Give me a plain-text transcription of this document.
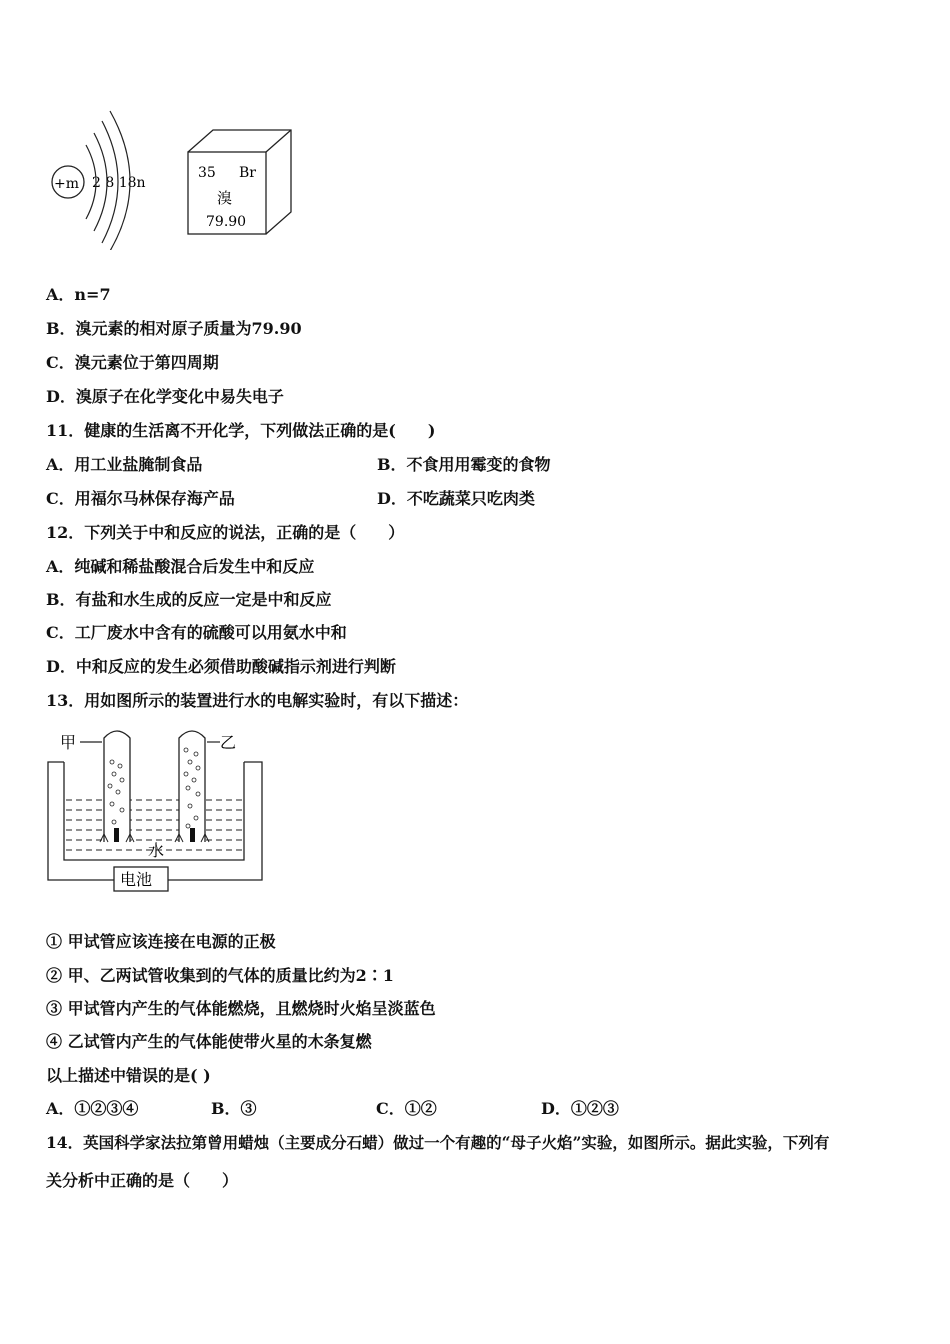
+m 2 8 18n
35 Br
溴
79.90
A．n=7
B．溴元素的相对原子质量为79.90
C．溴元素位于第四周期
D．溴原子在化学变化中易失电子
11．健康的生活离不开化学，下列做法正确的是(　　)
A．用工业盐腌制食品	B．不食用用霉变的食物
C．用福尔马林保存海产品	D．不吃蔬菜只吃肉类
12．下列关于中和反应的说法，正确的是（　　）
A．纯碱和稀盐酸混合后发生中和反应
B．有盐和水生成的反应一定是中和反应
C．工厂废水中含有的硫酸可以用氨水中和
D．中和反应的发生必须借助酸碱指示剂进行判断
13．用如图所示的装置进行水的电解实验时，有以下描述：
甲	乙
水
电池
① 甲试管应该连接在电源的正极
② 甲、乙两试管收集到的气体的质量比约为2∶1
③ 甲试管内产生的气体能燃烧，且燃烧时火焰呈淡蓝色
④ 乙试管内产生的气体能使带火星的木条复燃
以上描述中错误的是( )
A．①②③④	B．③	C．①②	D．①②③
14．英国科学家法拉第曾用蜡烛（主要成分石蜡）做过一个有趣的“母子火焰”实验，如图所示。据此实验，下列有
关分析中正确的是（　　）
